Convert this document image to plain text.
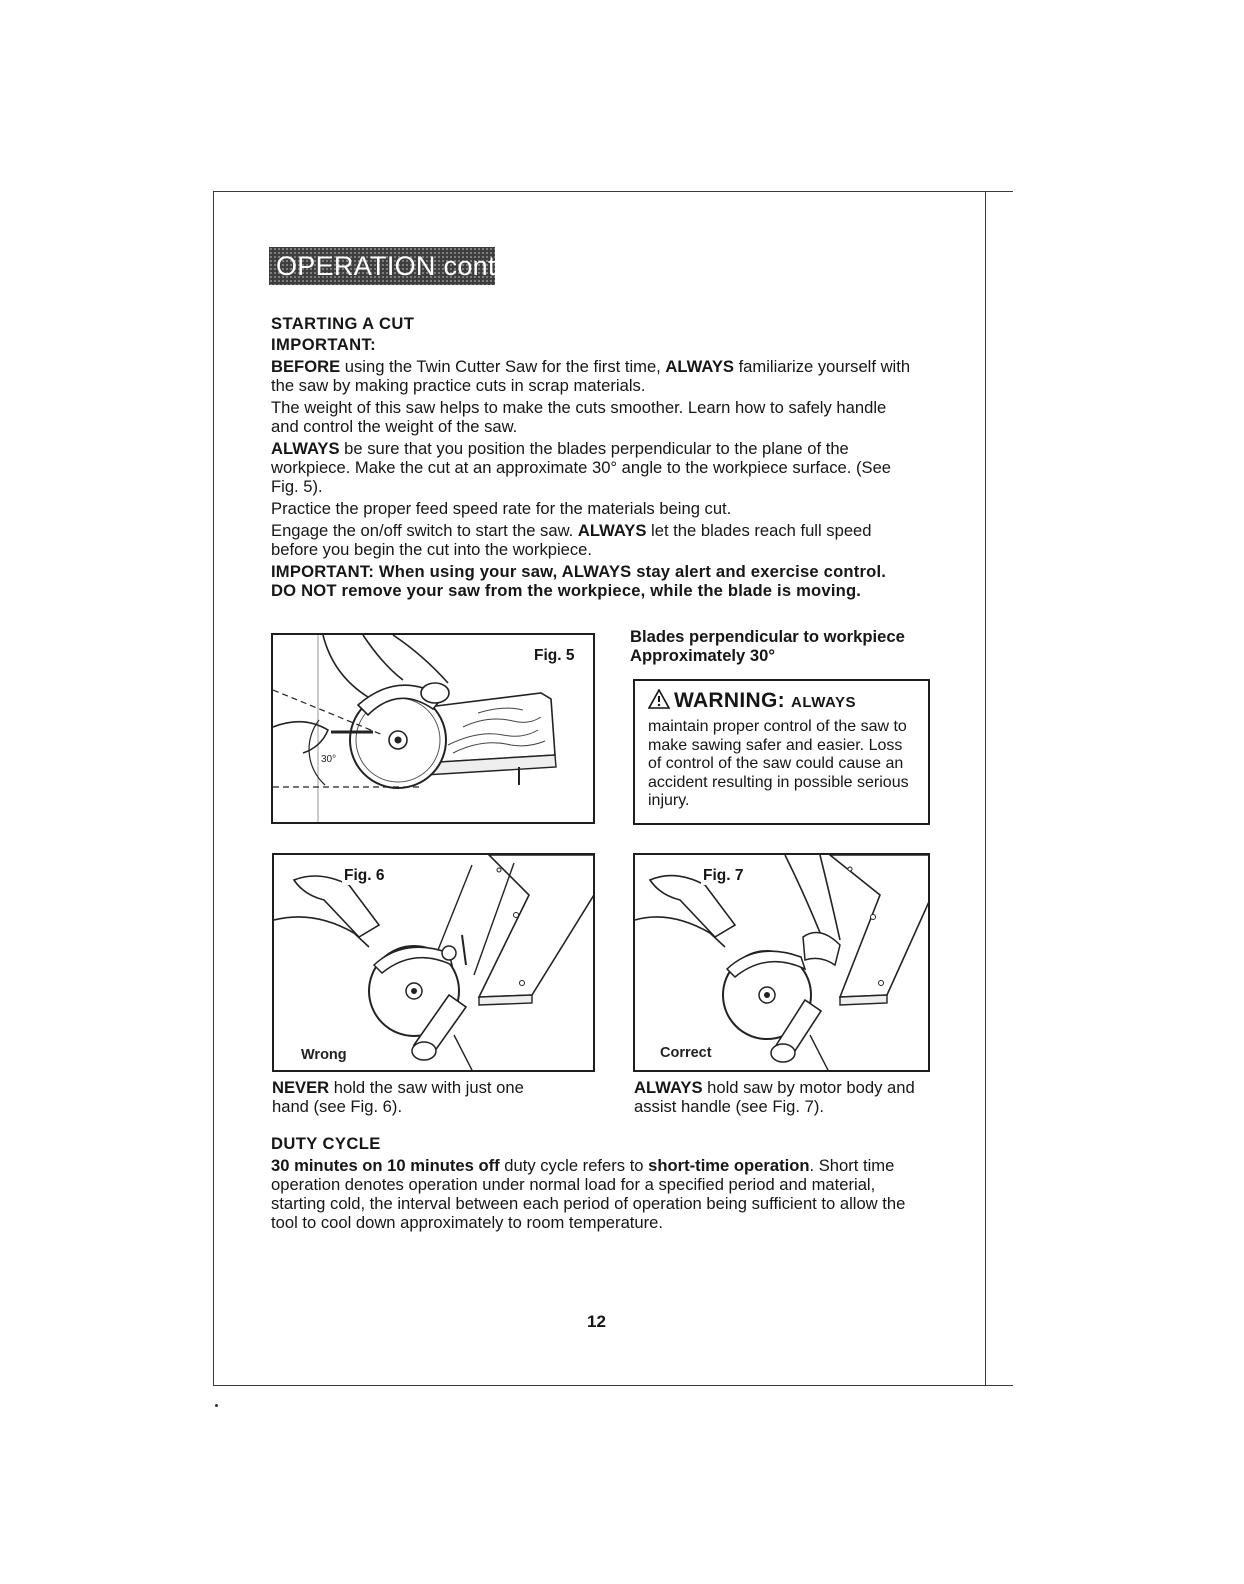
OPERATION cont.

STARTING A CUT

IMPORTANT:

BEFORE using the Twin Cutter Saw for the first time, ALWAYS familiarize yourself with the saw by making practice cuts in scrap materials.

The weight of this saw helps to make the cuts smoother. Learn how to safely handle and control the weight of the saw.

ALWAYS be sure that you position the blades perpendicular to the plane of the workpiece. Make the cut at an approximate 30° angle to the workpiece surface. (See Fig. 5).

Practice the proper feed speed rate for the materials being cut.

Engage the on/off switch to start the saw. ALWAYS let the blades reach full speed before you begin the cut into the workpiece.

IMPORTANT: When using your saw, ALWAYS stay alert and exercise control.

DO NOT remove your saw from the workpiece, while the blade is moving.

Fig. 5
30°
Blades perpendicular to workpiece
Approximately 30°
WARNING: ALWAYS
maintain proper control of the saw to make sawing safer and easier. Loss of control of the saw could cause an accident resulting in possible serious injury.
Fig. 6
Wrong
Fig. 7
Correct
NEVER hold the saw with just one hand (see Fig. 6).
ALWAYS hold saw by motor body and assist handle (see Fig. 7).

DUTY CYCLE

30 minutes on 10 minutes off duty cycle refers to short-time operation. Short time operation denotes operation under normal load for a specified period and material, starting cold, the interval between each period of operation being sufficient to allow the tool to cool down approximately to room temperature.

12
